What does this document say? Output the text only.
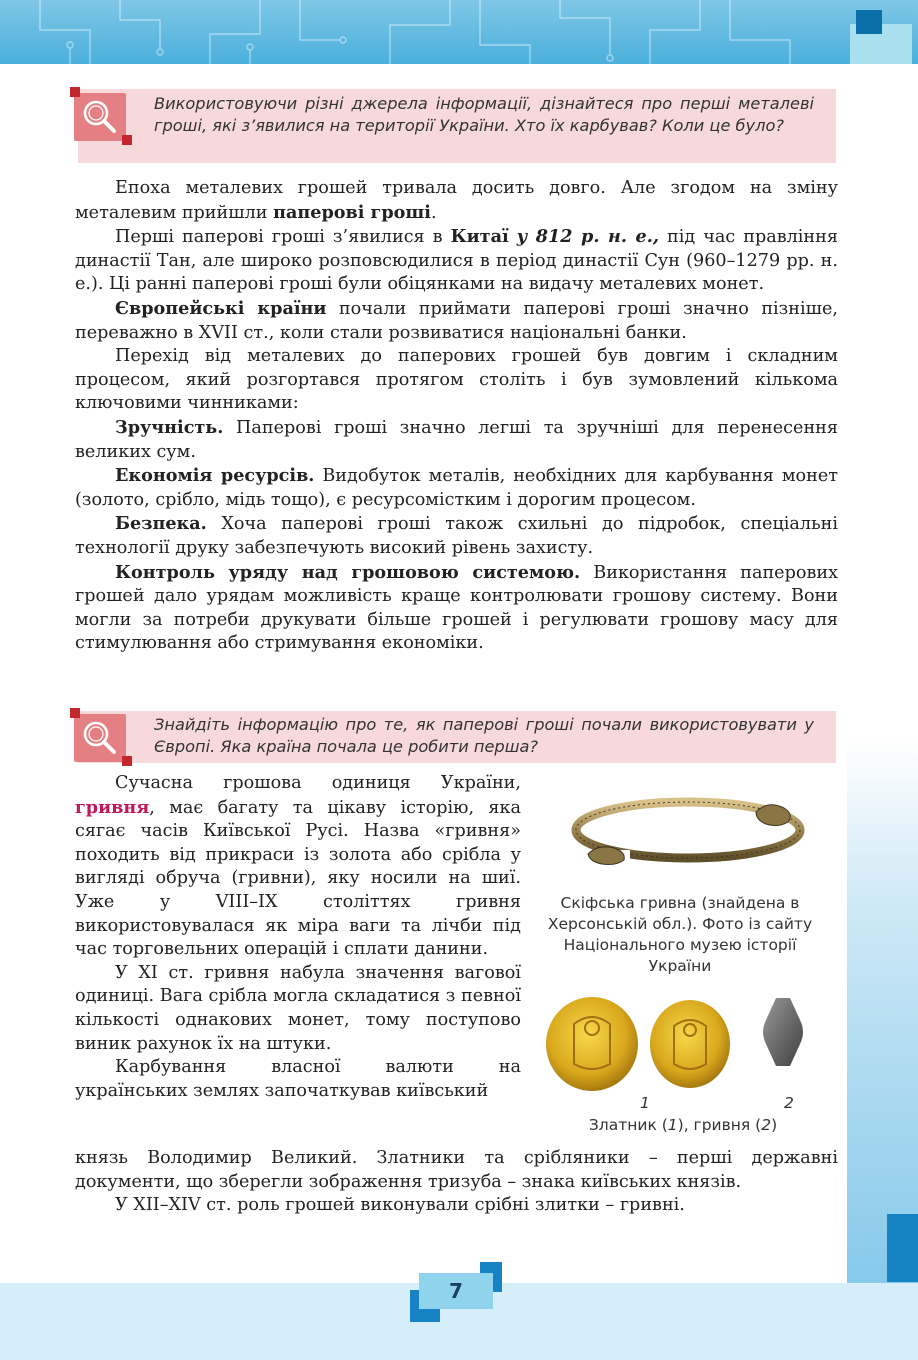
Використовуючи різні джерела інформації, дізнайтеся про перші металеві гроші, які з’явилися на території України. Хто їх карбував? Коли це було?

Епоха металевих грошей тривала досить довго. Але згодом на зміну металевим прийшли паперові гроші.

Перші паперові гроші з’явилися в Китаї у 812 р. н. е., під час правління династії Тан, але широко розповсюдилися в період династії Сун (960–1279 рр. н. е.). Ці ранні паперові гроші були обіцянками на видачу металевих монет.

Європейські країни почали приймати паперові гроші значно пізніше, переважно в XVII ст., коли стали розвиватися національні банки.

Перехід від металевих до паперових грошей був довгим і складним процесом, який розгортався протягом століть і був зумовлений кількома ключовими чинниками:

Зручність. Паперові гроші значно легші та зручніші для перенесення великих сум.

Економія ресурсів. Видобуток металів, необхідних для карбування монет (золото, срібло, мідь тощо), є ресурсомістким і дорогим процесом.

Безпека. Хоча паперові гроші також схильні до підробок, спеціальні технології друку забезпечують високий рівень захисту.

Контроль уряду над грошовою системою. Використання паперових грошей дало урядам можливість краще контролювати грошову систему. Вони могли за потреби друкувати більше грошей і регулювати грошову масу для стимулювання або стримування економіки.

Знайдіть інформацію про те, як паперові гроші почали використовувати у Європі. Яка країна почала це робити перша?

Сучасна грошова одиниця України, гривня, має багату та цікаву історію, яка сягає часів Київської Русі. Назва «гривня» походить від прикраси із золота або срібла у вигляді обруча (гривни), яку носили на шиї. Уже у VIII–IX століттях гривня використовувалася як міра ваги та лічби під час торговельних операцій і сплати данини.

У XI ст. гривня набула значення вагової одиниці. Вага срібла могла складатися з певної кількості однакових монет, тому поступово виник рахунок їх на штуки.

Карбування власної валюти на українських землях започаткував київський

князь Володимир Великий. Златники та срібляники – перші державні документи, що зберегли зображення тризуба – знака київських князів.

У XII–XIV ст. роль грошей виконували срібні злитки – гривні.

Скіфська гривна (знайдена в Херсонській обл.). Фото із сайту Національного музею історії України
1	2
Златник (1), гривня (2)
7
